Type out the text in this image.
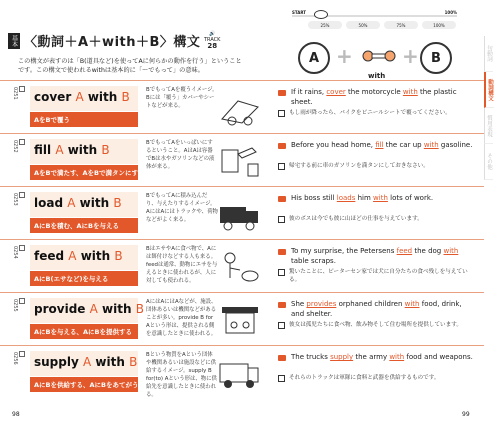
基本 〈動詞＋A＋with＋B〉構文
🔊
TRACK
28
この構文が表すのは「B(道具など)を使ってAに何らかの動作を行う」ということです。この構文で使われるwithは基本的に「〜でもって」の意味。
START	100%
25%	50%	75%	100%
A +
with
+ B	句動詞
動詞構文
慣用表現
その他
0251 cover A with B
AをBで覆う
BでもってAを覆うイメージ。Bには「覆う」カバーやシートなどが来る。
If it rains, cover the motorcycle with the plastic sheet.
もし雨が降ったら、バイクをビニールシートで覆ってください。
0252 fill A with B
AをBで満たす、AをBで満タンにする
BでもってAをいっぱいにするということ。AはAは容器でBは水やガソリンなどの液体が来る。
Before you head home, fill the car up with gasoline.
帰宅する前に車のガソリンを満タンにしておきなさい。
0253 load A with B
AにBを積む、AにBを与える
BでもってAに積み込んだり、与えたりするイメージ。AにはAにはトラックや、荷物などがよく来る。
His boss still loads him with lots of work.
彼のボスは今でも彼に山ほどの仕事を与えています。
0254 feed A with B
AにB(エサなど)を与える
BはエサやAに食べ物で、Aには餌付けなどする人も来る。feedは通常、動物にエサを与えるときに使われるが、人に対しても使われる。
To my surprise, the Petersens feed the dog with table scraps.
驚いたことに、ピーターセン家では犬に自分たちの食べ残しを与えている。
0255 provide A with B
AにBを与える、AにBを提供する
AにはAにはAなどが、施設、団体あるいは機関などがあることが多い。provide B for Aという形は、提供される側を意識したときに使われる。
She provides orphaned children with food, drink, and shelter.
彼女は孤児たちに食べ物、飲み物そして住む場所を提供しています。
0256 supply A with B
AにBを供給する、AにBをあてがう
Bという物質をAという団体や機関あるいは施設などに供給するイメージ。supply B for(to) Aという形は、物に供給先を意識したときに使われる。
The trucks supply the army with food and weapons.
それらのトラックは軍隊に食料と武器を供給するものです。
98	99
